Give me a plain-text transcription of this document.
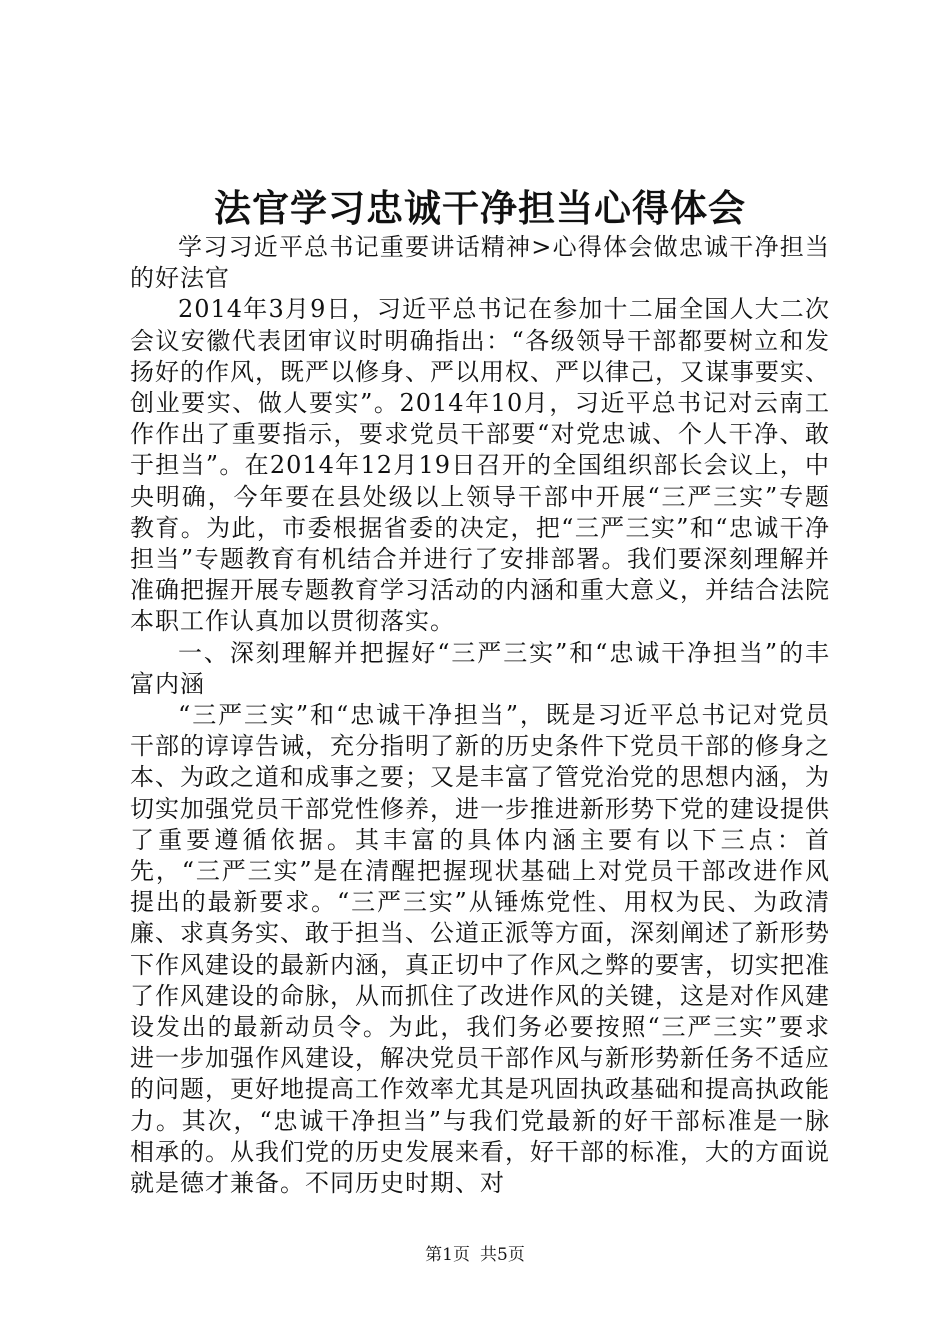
法官学习忠诚干净担当心得体会

学习习近平总书记重要讲话精神>心得体会做忠诚干净担当的好法官

2014年3月9日，习近平总书记在参加十二届全国人大二次会议安徽代表团审议时明确指出：“各级领导干部都要树立和发扬好的作风，既严以修身、严以用权、严以律己，又谋事要实、创业要实、做人要实”。2014年10月，习近平总书记对云南工作作出了重要指示，要求党员干部要“对党忠诚、个人干净、敢于担当”。在2014年12月19日召开的全国组织部长会议上，中央明确，今年要在县处级以上领导干部中开展“三严三实”专题教育。为此，市委根据省委的决定，把“三严三实”和“忠诚干净担当”专题教育有机结合并进行了安排部署。我们要深刻理解并准确把握开展专题教育学习活动的内涵和重大意义，并结合法院本职工作认真加以贯彻落实。

一、深刻理解并把握好“三严三实”和“忠诚干净担当”的丰富内涵

“三严三实”和“忠诚干净担当”，既是习近平总书记对党员干部的谆谆告诫，充分指明了新的历史条件下党员干部的修身之本、为政之道和成事之要；又是丰富了管党治党的思想内涵，为切实加强党员干部党性修养，进一步推进新形势下党的建设提供了重要遵循依据。其丰富的具体内涵主要有以下三点：首先，“三严三实”是在清醒把握现状基础上对党员干部改进作风提出的最新要求。“三严三实”从锤炼党性、用权为民、为政清廉、求真务实、敢于担当、公道正派等方面，深刻阐述了新形势下作风建设的最新内涵，真正切中了作风之弊的要害，切实把准了作风建设的命脉，从而抓住了改进作风的关键，这是对作风建设发出的最新动员令。为此，我们务必要按照“三严三实”要求进一步加强作风建设，解决党员干部作风与新形势新任务不适应的问题，更好地提高工作效率尤其是巩固执政基础和提高执政能力。其次，“忠诚干净担当”与我们党最新的好干部标准是一脉相承的。从我们党的历史发展来看，好干部的标准，大的方面说就是德才兼备。不同历史时期、对

第1页 共5页
